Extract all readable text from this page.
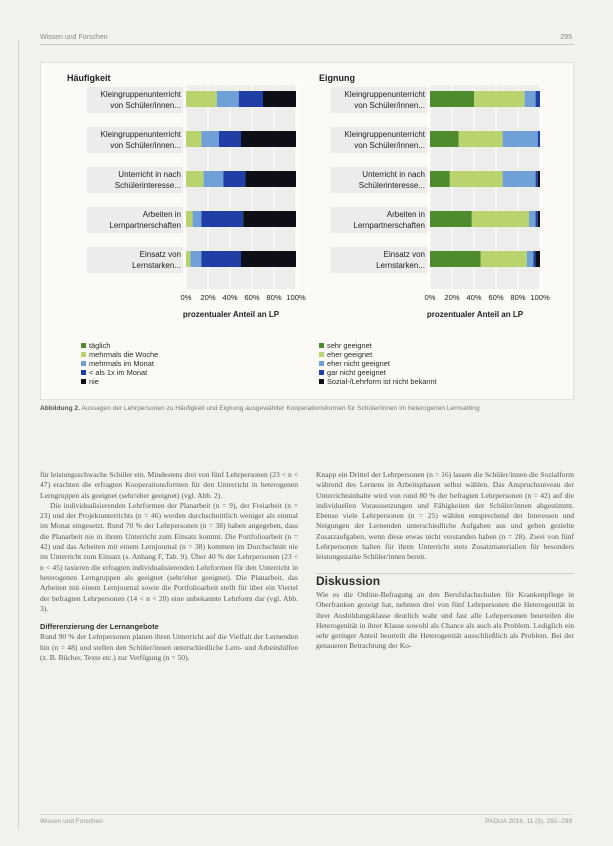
Wissen und Forschen	295
Häufigkeit
Kleingruppenunterricht
von Schüler/innen...
Kleingruppenunterricht
von Schüler/innen...
Unterricht in nach
Schülerinteresse...
Arbeiten in
Lernpartnerschaften
Einsatz von
Lernstarken...
0% 20% 40% 60% 80% 100%
prozentualer Anteil an LP
Eignung
Kleingruppenunterricht
von Schüler/innen...
Kleingruppenunterricht
von Schüler/innen...
Unterricht in nach
Schülerinteresse...
Arbeiten in
Lernpartnerschaften
Einsatz von
Lernstarken...
0% 20% 40% 60% 80% 100%
prozentualer Anteil an LP
täglich
mehrmals die Woche
mehrmals im Monat
< als 1x im Monat
nie
sehr geeignet
eher geeignet
eher nicht geeignet
gar nicht geeignet
Sozial-/Lehrform ist nicht bekannt
Abbildung 2. Aussagen der Lehrpersonen zu Häufigkeit und Eignung ausgewählter Kooperationsformen für Schüler/innen im heterogenen Lernsetting

für leistungsschwache Schüler ein. Mindestens drei von fünf Lehrpersonen (23 < n < 47) erachten die erfragten Kooperationsformen für den Unterricht in heterogenen Lerngruppen als geeignet (sehr/eher geeignet) (vgl. Abb. 2).

Die individualisierenden Lehrformen der Planarbeit (n = 9), der Freiarbeit (n = 23) und der Projektunterrichts (n = 46) werden durchschnittlich weniger als einmal im Monat eingesetzt. Rund 70 % der Lehrpersonen (n = 38) haben angegeben, dass die Planarbeit nie in ihrem Unterricht zum Einsatz kommt. Die Portfolioarbeit (n = 42) und das Arbeiten mit einem Lernjournal (n = 38) kommen im Durchschnitt nie im Unterricht zum Einsatz (s. Anhang F, Tab. 9). Über 40 % der Lehrpersonen (23 < n < 45) taxieren die erfragten individualisierenden Lehrformen für den Unterricht in heterogenen Lerngruppen als geeignet (sehr/eher geeignet). Die Planarbeit, das Arbeiten mit einem Lernjournal sowie die Portfolioarbeit stellt für über ein Viertel der befragten Lehrpersonen (14 < n < 20) eine unbekannte Lehrform dar (vgl. Abb. 3).

Differenzierung der Lernangebote

Rund 90 % der Lehrpersonen planen ihren Unterricht auf die Vielfalt der Lernenden hin (n = 48) und stellen den Schüler/innen unterschiedliche Lern- und Arbeitshilfen (z. B. Bücher, Texte etc.) zur Verfügung (n = 50).

Knapp ein Drittel der Lehrpersonen (n = 16) lassen die Schüler/innen die Sozialform während des Lernens in Arbeitsphasen selbst wählen. Das Anspruchsniveau der Unterrichtsinhalte wird von rund 80 % der befragten Lehrpersonen (n = 42) auf die individuellen Voraussetzungen und Fähigkeiten der Schüler/innen abgestimmt. Ebenso viele Lehrpersonen (n = 25) wählen entsprechend der Interessen und Neigungen der Lernenden unterschiedliche Aufgaben aus und geben gezielte Zusatzaufgaben, wenn diese etwas nicht verstanden haben (n = 28). Zwei von fünf Lehrpersonen halten für ihren Unterricht stets Zusatzmaterialien für besonders leistungsstarke Schüler/innen bereit.

Diskussion

Wie es die Online-Befragung an den Berufsfachschulen für Krankenpflege in Oberfranken gezeigt hat, nehmen drei von fünf Lehrpersonen die Heterogenität in ihrer Ausbildungsklasse deutlich wahr und fast alle Lehrpersonen beurteilen die Heterogenität in ihrer Klasse sowohl als Chance als auch als Problem. Lediglich ein sehr geringer Anteil beurteilt die Heterogenität ausschließlich als Problem. Bei der genaueren Betrachtung der Ko-

Wissen und Forschen	PADUA 2016, 11 (5), 291–299
